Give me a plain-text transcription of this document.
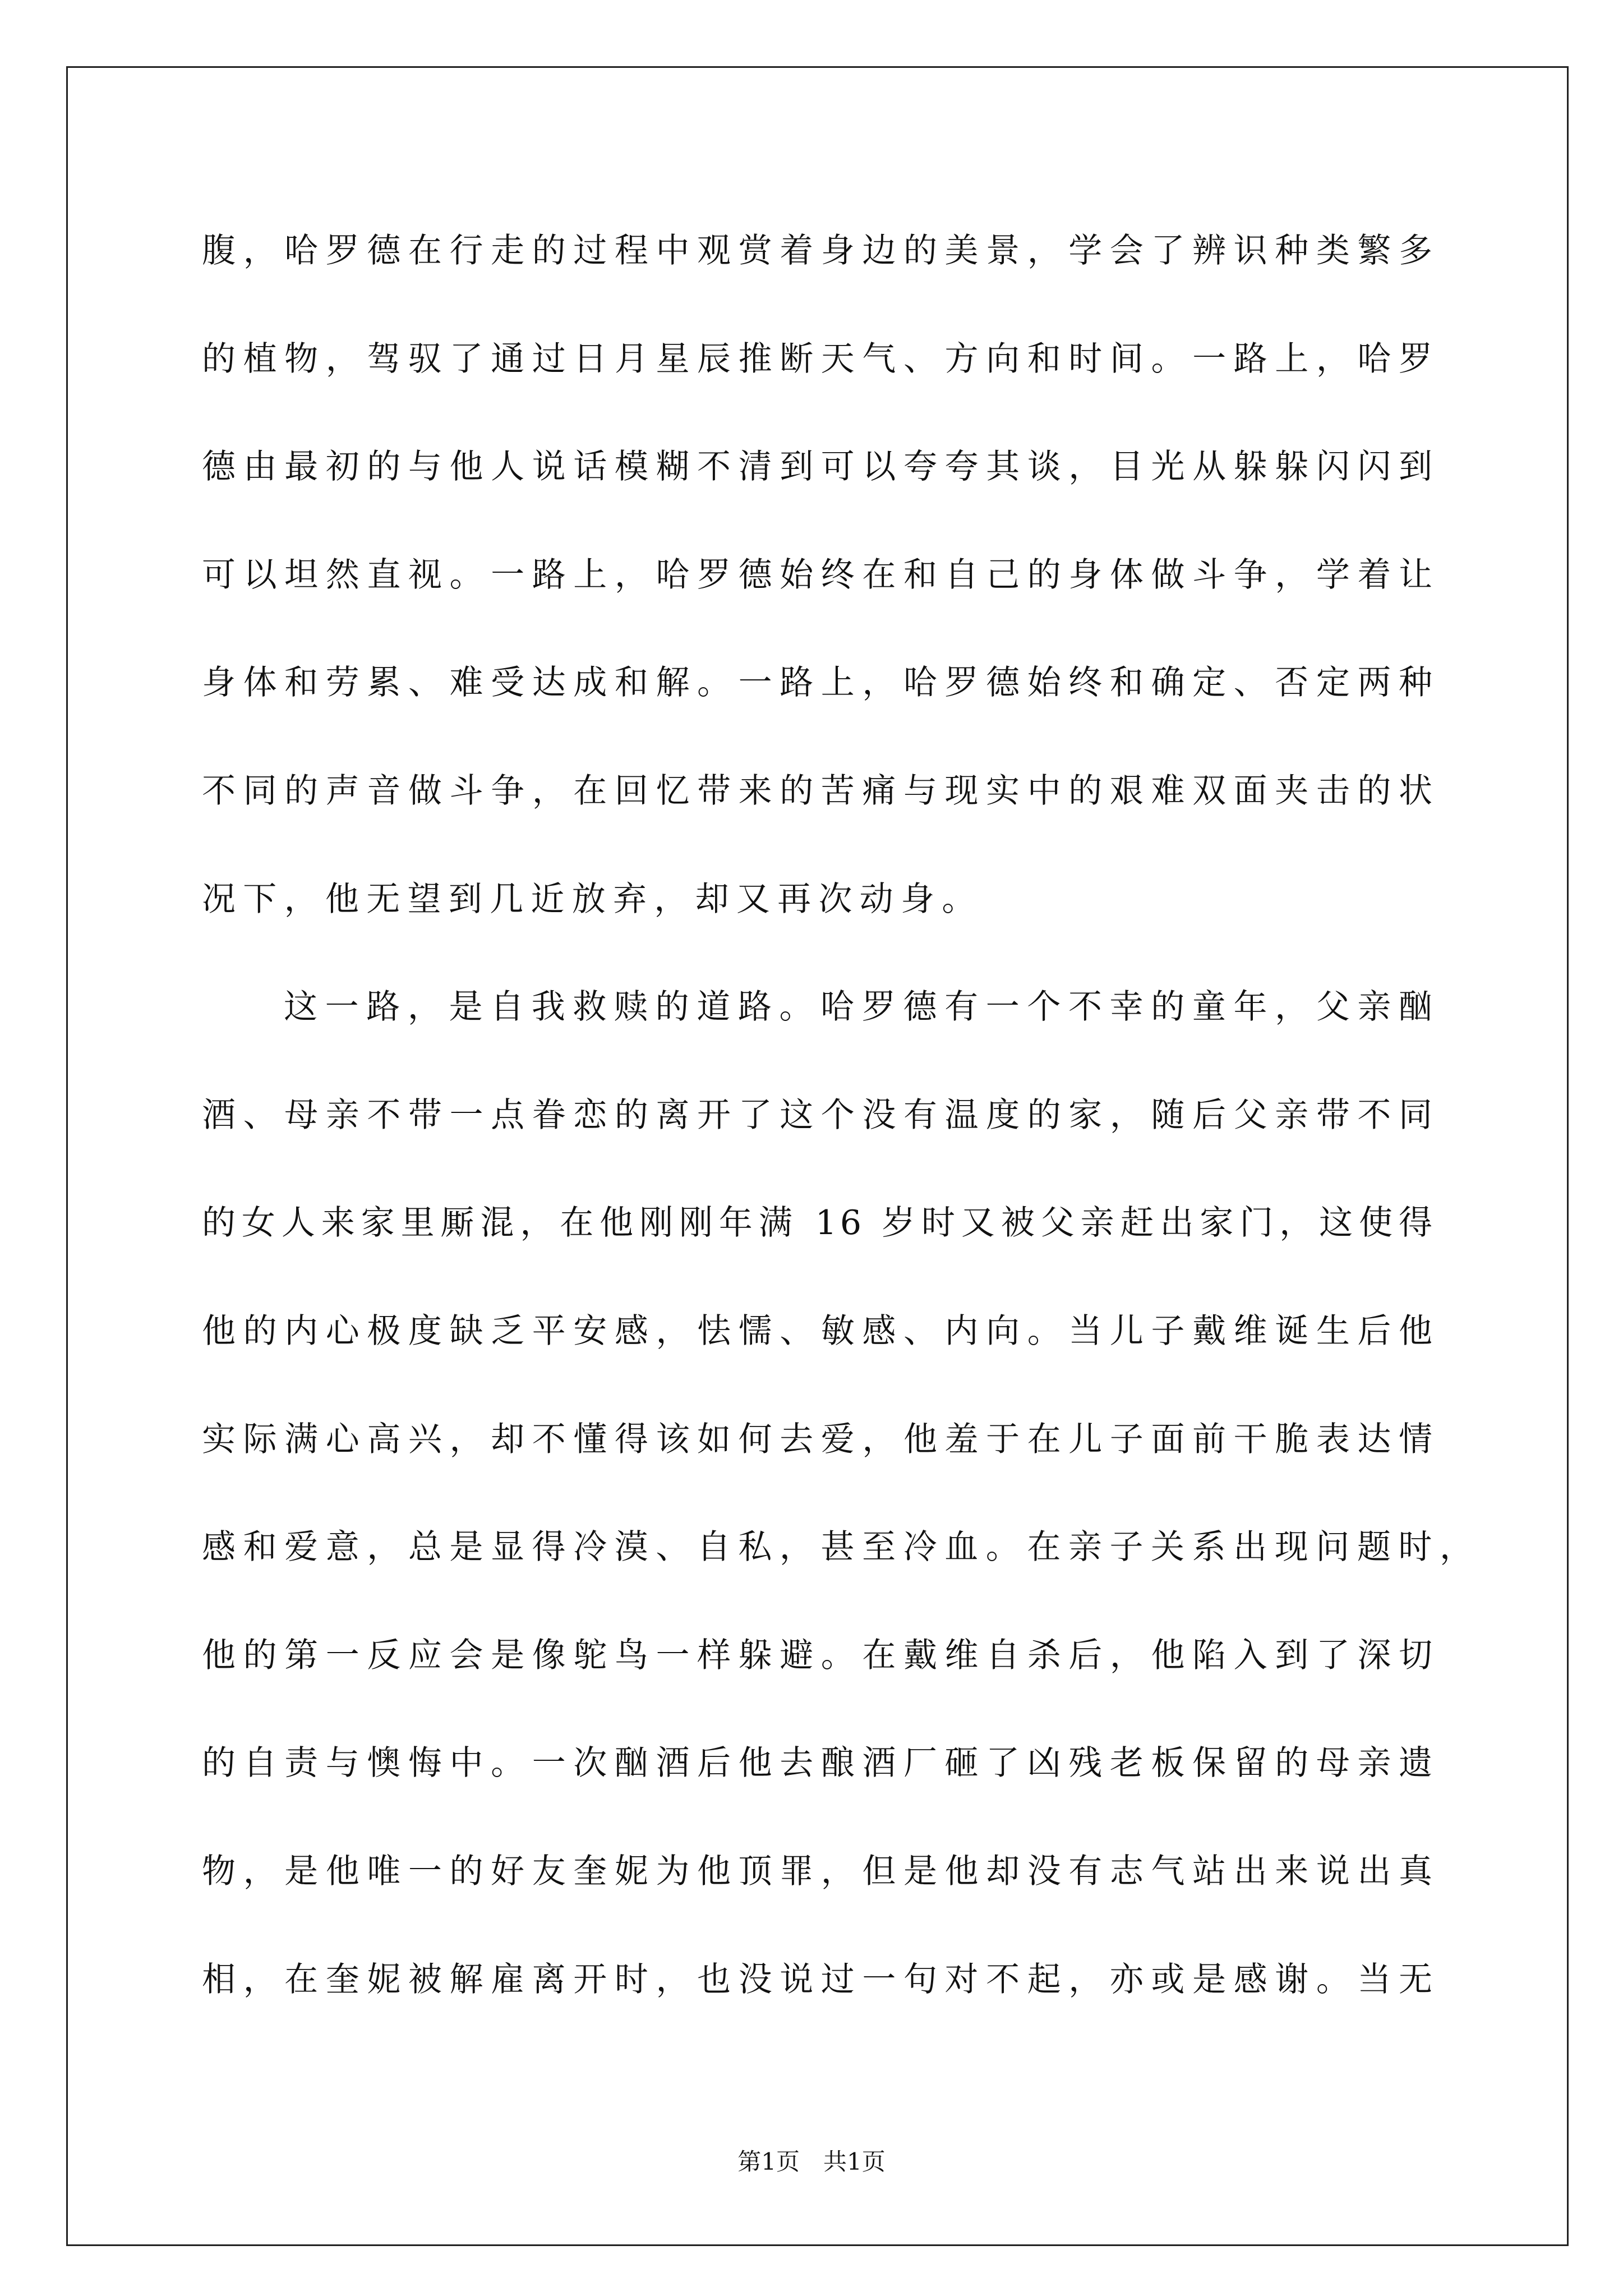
腹，哈罗德在行走的过程中观赏着身边的美景，学会了辨识种类繁多
的植物，驾驭了通过日月星辰推断天气、方向和时间。一路上，哈罗
德由最初的与他人说话模糊不清到可以夸夸其谈，目光从躲躲闪闪到
可以坦然直视。一路上，哈罗德始终在和自己的身体做斗争，学着让
身体和劳累、难受达成和解。一路上，哈罗德始终和确定、否定两种
不同的声音做斗争，在回忆带来的苦痛与现实中的艰难双面夹击的状
况下，他无望到几近放弃，却又再次动身。
这一路，是自我救赎的道路。哈罗德有一个不幸的童年，父亲酗
酒、母亲不带一点眷恋的离开了这个没有温度的家，随后父亲带不同
的女人来家里厮混，在他刚刚年满 16 岁时又被父亲赶出家门，这使得
他的内心极度缺乏平安感，怯懦、敏感、内向。当儿子戴维诞生后他
实际满心高兴，却不懂得该如何去爱，他羞于在儿子面前干脆表达情
感和爱意，总是显得冷漠、自私，甚至冷血。在亲子关系出现问题时，
他的第一反应会是像鸵鸟一样躲避。在戴维自杀后，他陷入到了深切
的自责与懊悔中。一次酗酒后他去酿酒厂砸了凶残老板保留的母亲遗
物，是他唯一的好友奎妮为他顶罪，但是他却没有志气站出来说出真
相，在奎妮被解雇离开时，也没说过一句对不起，亦或是感谢。当无
第1页　共1页
